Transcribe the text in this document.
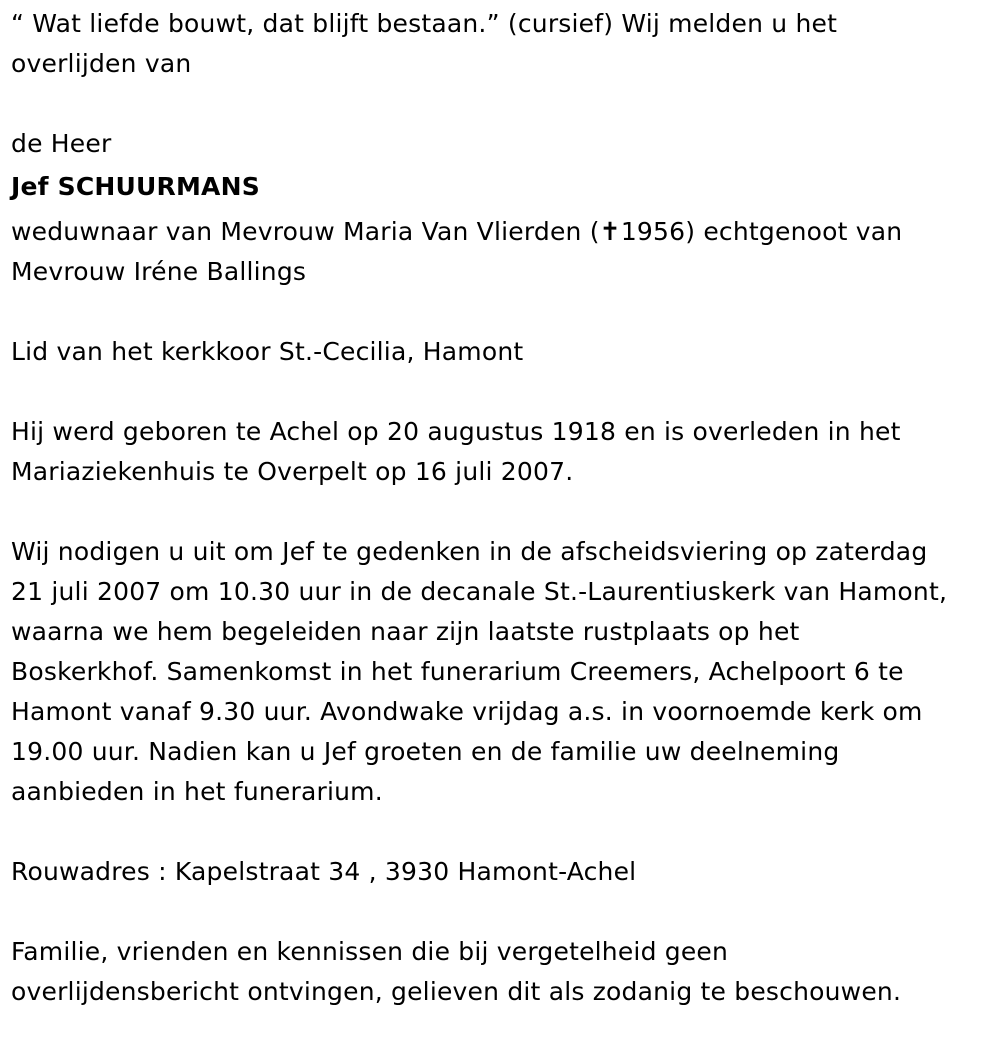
“ Wat liefde bouwt, dat blijft bestaan.” (cursief) Wij melden u het
overlijden van
de Heer
Jef SCHUURMANS
weduwnaar van Mevrouw Maria Van Vlierden (✝1956) echtgenoot van
Mevrouw Iréne Ballings
Lid van het kerkkoor St.-Cecilia, Hamont
Hij werd geboren te Achel op 20 augustus 1918 en is overleden in het
Mariaziekenhuis te Overpelt op 16 juli 2007.
Wij nodigen u uit om Jef te gedenken in de afscheidsviering op zaterdag
21 juli 2007 om 10.30 uur in de decanale St.-Laurentiuskerk van Hamont,
waarna we hem begeleiden naar zijn laatste rustplaats op het
Boskerkhof. Samenkomst in het funerarium Creemers, Achelpoort 6 te
Hamont vanaf 9.30 uur. Avondwake vrijdag a.s. in voornoemde kerk om
19.00 uur. Nadien kan u Jef groeten en de familie uw deelneming
aanbieden in het funerarium.
Rouwadres : Kapelstraat 34 , 3930 Hamont-Achel
Familie, vrienden en kennissen die bij vergetelheid geen
overlijdensbericht ontvingen, gelieven dit als zodanig te beschouwen.
